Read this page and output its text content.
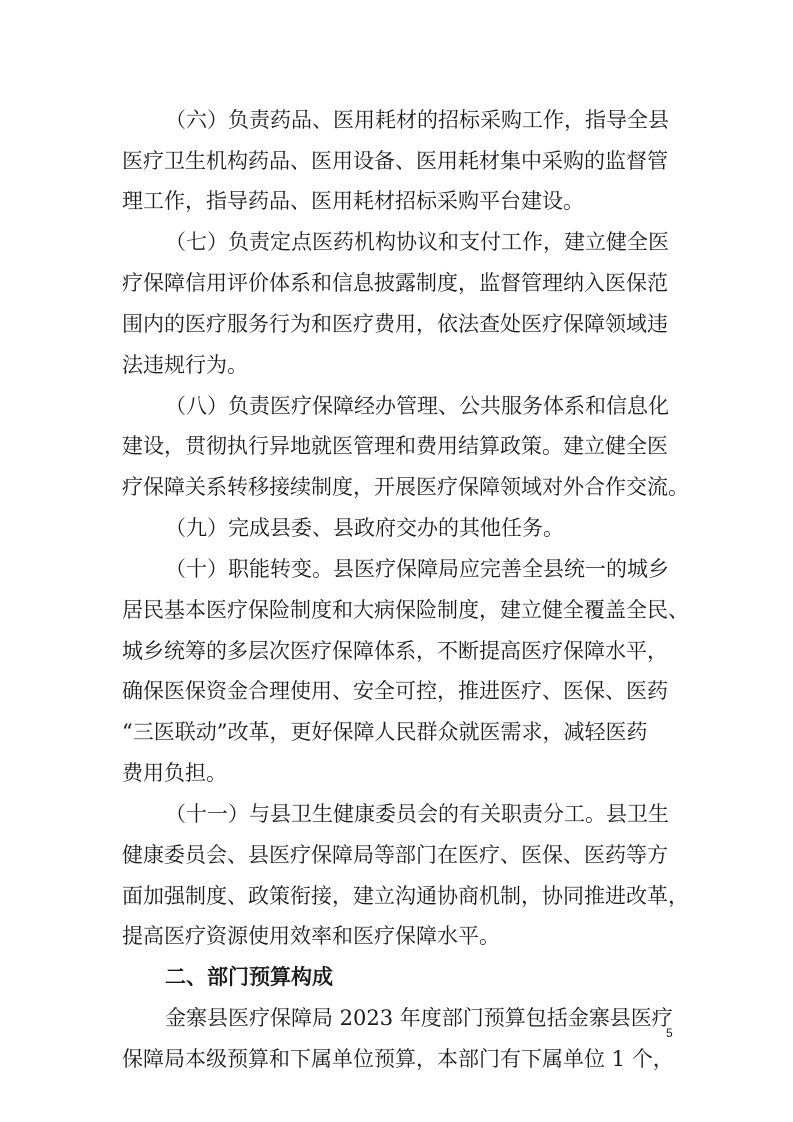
（六）负责药品、医用耗材的招标采购工作，指导全县
医疗卫生机构药品、医用设备、医用耗材集中采购的监督管
理工作，指导药品、医用耗材招标采购平台建设。
（七）负责定点医药机构协议和支付工作，建立健全医
疗保障信用评价体系和信息披露制度，监督管理纳入医保范
围内的医疗服务行为和医疗费用，依法查处医疗保障领域违
法违规行为。
（八）负责医疗保障经办管理、公共服务体系和信息化
建设，贯彻执行异地就医管理和费用结算政策。建立健全医
疗保障关系转移接续制度，开展医疗保障领域对外合作交流。
（九）完成县委、县政府交办的其他任务。
（十）职能转变。县医疗保障局应完善全县统一的城乡
居民基本医疗保险制度和大病保险制度，建立健全覆盖全民、
城乡统筹的多层次医疗保障体系，不断提高医疗保障水平，
确保医保资金合理使用、安全可控，推进医疗、医保、医药
“三医联动”改革，更好保障人民群众就医需求，减轻医药
费用负担。
（十一）与县卫生健康委员会的有关职责分工。县卫生
健康委员会、县医疗保障局等部门在医疗、医保、医药等方
面加强制度、政策衔接，建立沟通协商机制，协同推进改革，
提高医疗资源使用效率和医疗保障水平。
二、部门预算构成
金寨县医疗保障局 2023 年度部门预算包括金寨县医疗
保障局本级预算和下属单位预算，本部门有下属单位 1 个，
5
